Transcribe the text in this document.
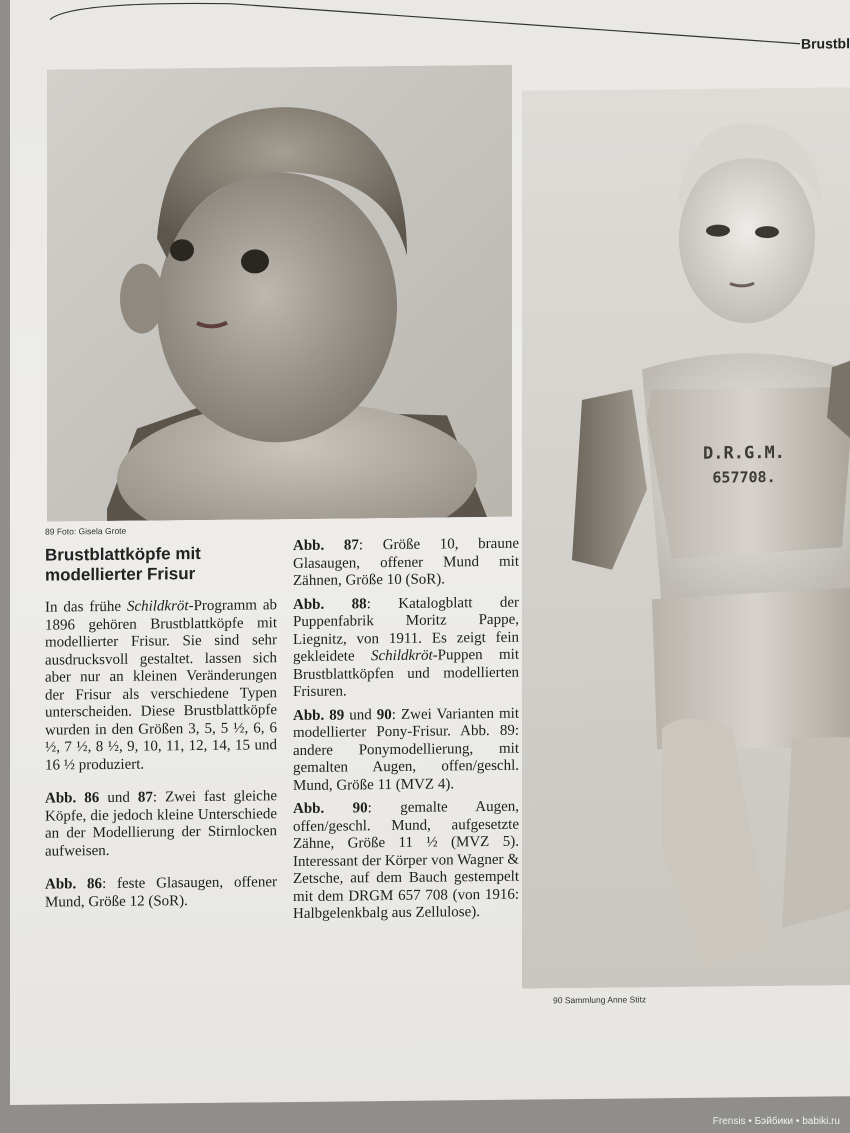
Brustbl
89 Foto: Gisela Grote
D.R.G.M.
657708.
90 Sammlung Anne Stitz
Brustblattköpfe mit
modellierter Frisur

In das frühe Schildkröt-Programm ab 1896 gehören Brustblattköpfe mit modellierter Frisur. Sie sind sehr ausdrucksvoll gestaltet. lassen sich aber nur an kleinen Veränderungen der Frisur als verschiedene Typen unterscheiden. Diese Brustblattköpfe wurden in den Größen 3, 5, 5 ½, 6, 6 ½, 7 ½, 8 ½, 9, 10, 11, 12, 14, 15 und 16 ½ produziert.

Abb. 86 und 87: Zwei fast gleiche Köpfe, die jedoch kleine Unterschiede an der Modellierung der Stirnlocken aufweisen.

Abb. 86: feste Glasaugen, offener Mund, Größe 12 (SoR).

Abb. 87: Größe 10, braune Glasaugen, offener Mund mit Zähnen, Größe 10 (SoR).

Abb. 88: Katalogblatt der Puppenfabrik Moritz Pappe, Liegnitz, von 1911. Es zeigt fein gekleidete Schildkröt-Puppen mit Brustblattköpfen und modellierten Frisuren.

Abb. 89 und 90: Zwei Varianten mit modellierter Pony-Frisur. Abb. 89: andere Ponymodellierung, mit gemalten Augen, offen/geschl. Mund, Größe 11 (MVZ 4).

Abb. 90: gemalte Augen, offen/geschl. Mund, aufgesetzte Zähne, Größe 11 ½ (MVZ 5). Interessant der Körper von Wagner & Zetsche, auf dem Bauch gestempelt mit dem DRGM 657 708 (von 1916: Halbgelenkbalg aus Zellulose).

Frensis • Бэйбики • babiki.ru
